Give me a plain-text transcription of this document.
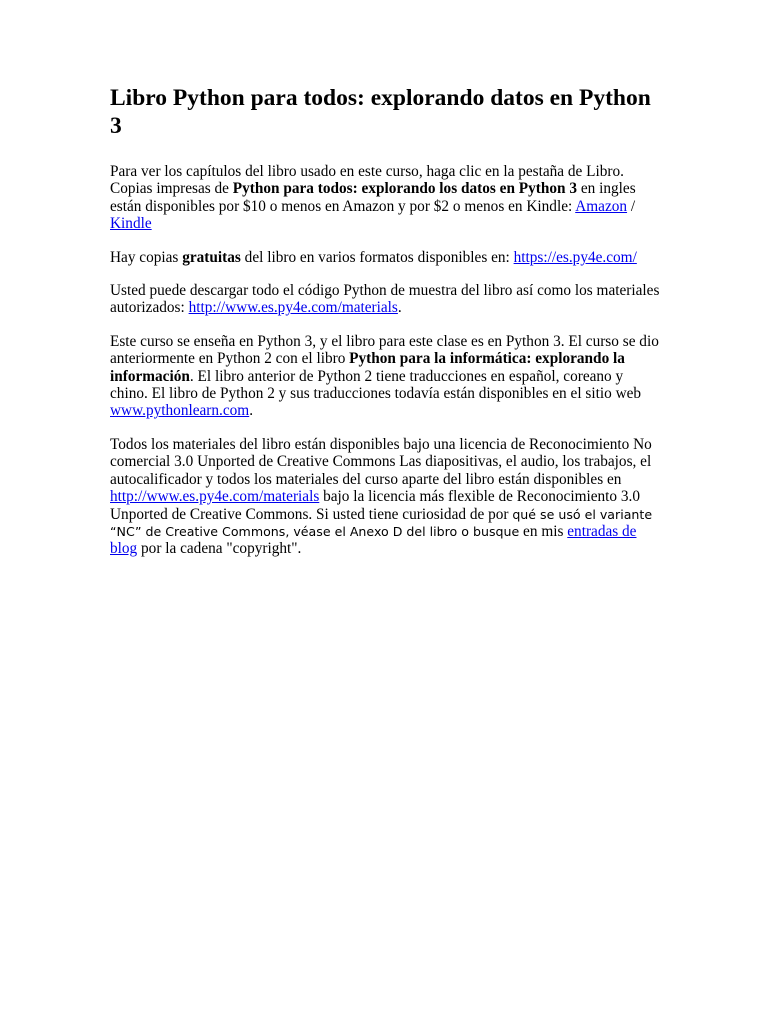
Libro Python para todos: explorando datos en Python 3

Para ver los capítulos del libro usado en este curso, haga clic en la pestaña de Libro. Copias impresas de Python para todos: explorando los datos en Python 3 en ingles están disponibles por $10 o menos en Amazon y por $2 o menos en Kindle: Amazon / Kindle

Hay copias gratuitas del libro en varios formatos disponibles en: https://es.py4e.com/

Usted puede descargar todo el código Python de muestra del libro así como los materiales autorizados: http://www.es.py4e.com/materials.

Este curso se enseña en Python 3, y el libro para este clase es en Python 3. El curso se dio anteriormente en Python 2 con el libro Python para la informática: explorando la información. El libro anterior de Python 2 tiene traducciones en español, coreano y chino. El libro de Python 2 y sus traducciones todavía están disponibles en el sitio web www.pythonlearn.com.

Todos los materiales del libro están disponibles bajo una licencia de Reconocimiento No comercial 3.0 Unported de Creative Commons Las diapositivas, el audio, los trabajos, el autocalificador y todos los materiales del curso aparte del libro están disponibles en http://www.es.py4e.com/materials bajo la licencia más flexible de Reconocimiento 3.0 Unported de Creative Commons. Si usted tiene curiosidad de por qué se usó el variante “NC” de Creative Commons, véase el Anexo D del libro o busque en mis entradas de blog por la cadena "copyright".
